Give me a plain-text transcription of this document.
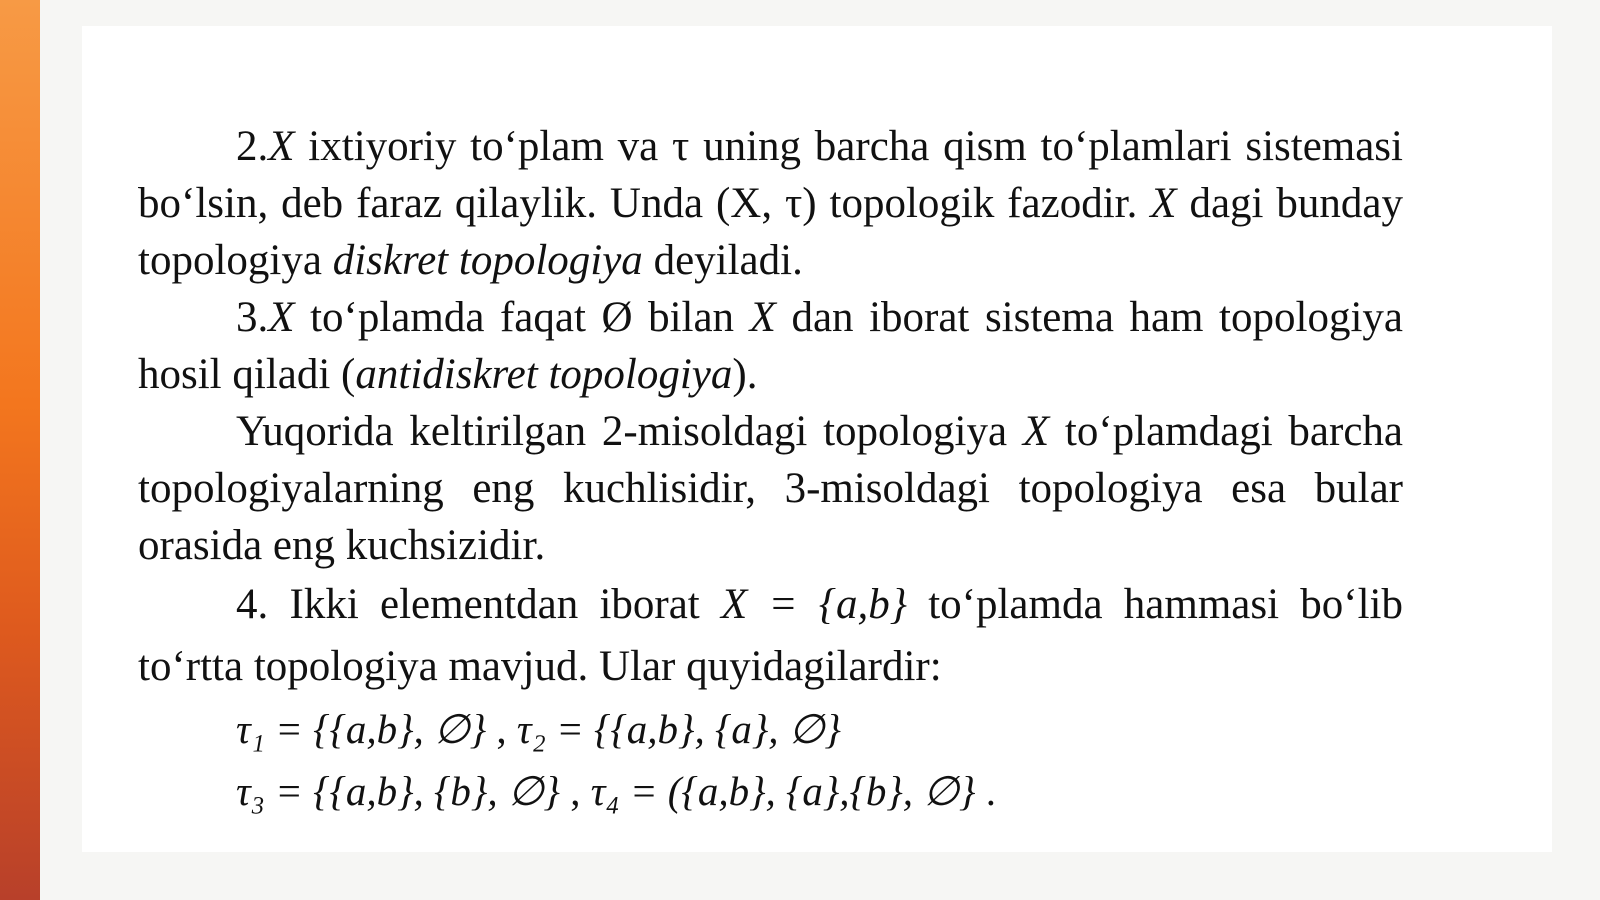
2.X ixtiyoriy to‘plam va τ uning barcha qism to‘plamlari sistemasi bo‘lsin, deb faraz qilaylik. Unda (X, τ) topologik fazodir. X dagi bunday topologiya diskret topologiya deyiladi.

3.X to‘plamda faqat Ø bilan X dan iborat sistema ham topologiya hosil qiladi (antidiskret topologiya).

Yuqorida keltirilgan 2-misoldagi topologiya X to‘plamdagi barcha topologiyalarning eng kuchlisidir, 3-misoldagi topologiya esa bular orasida eng kuchsizidir.

4. Ikki elementdan iborat X = {a,b} to‘plamda hammasi bo‘lib to‘rtta topologiya mavjud. Ular quyidagilardir:

τ₁ = {{a,b}, ∅} , τ₂ = {{a,b}, {a}, ∅}

τ₃ = {{a,b}, {b}, ∅} , τ₄ = ({a,b}, {a},{b}, ∅} .
